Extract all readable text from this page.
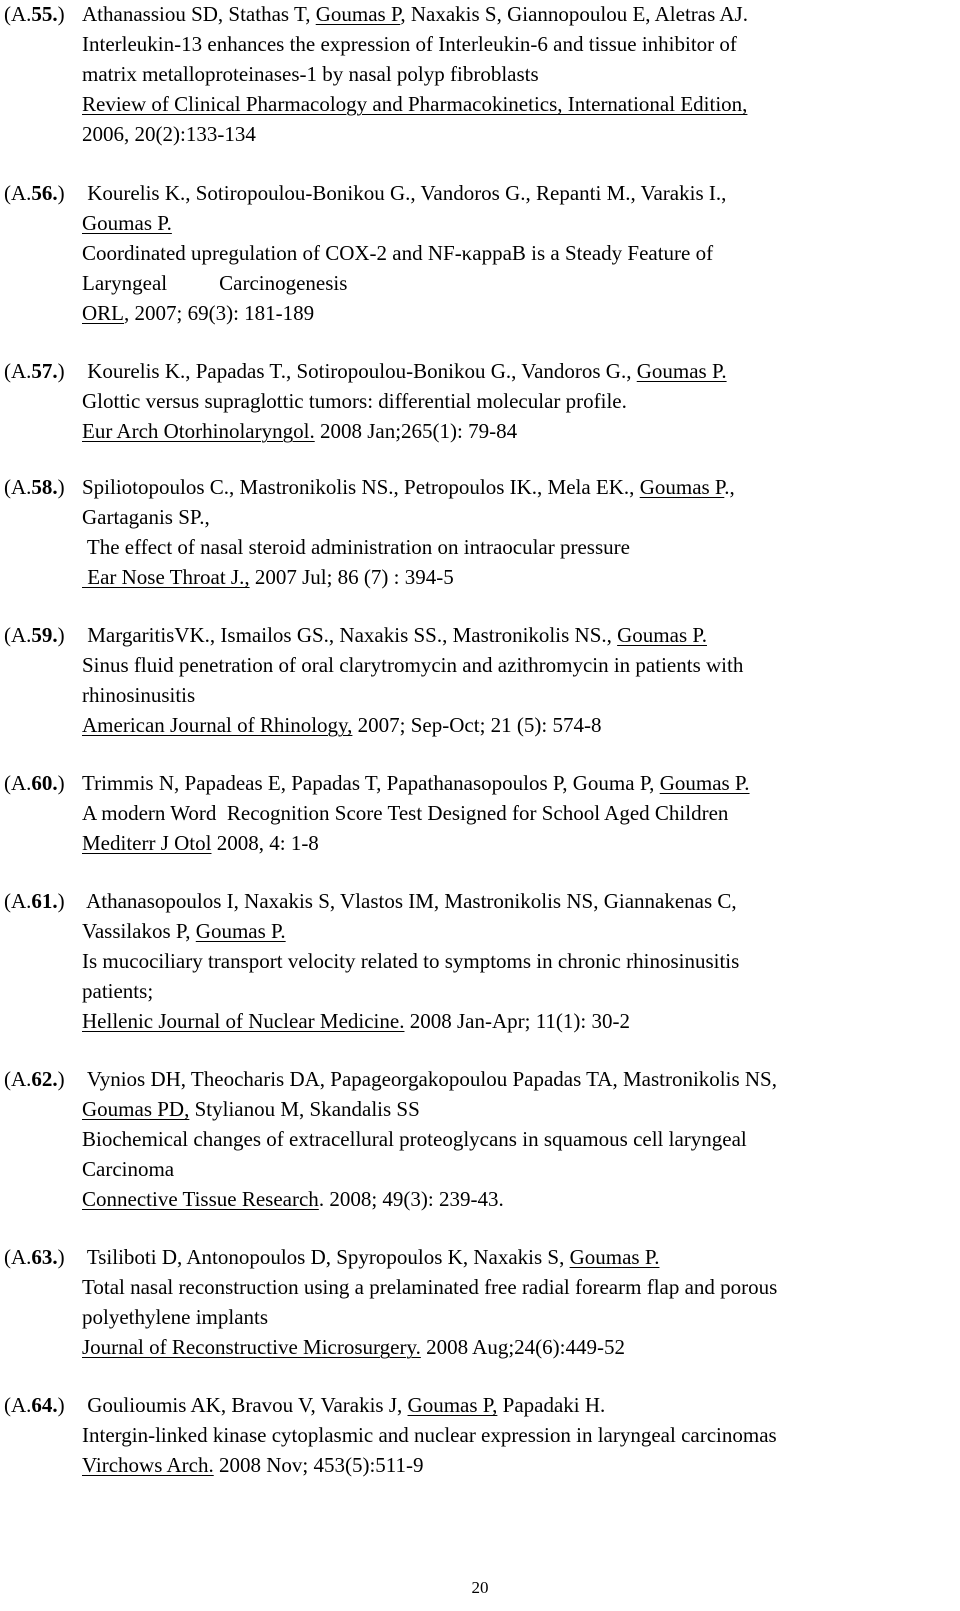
(A.55.) Athanassiou SD, Stathas T, Goumas P, Naxakis S, Giannopoulou E, Aletras AJ.
Interleukin-13 enhances the expression of Interleukin-6 and tissue inhibitor of
matrix metalloproteinases-1 by nasal polyp fibroblasts
Review of Clinical Pharmacology and Pharmacokinetics, International Edition,
2006, 20(2):133-134
(A.56.) Kourelis K., Sotiropoulou-Bonikou G., Vandoros G., Repanti M., Varakis I.,
Goumas P.
Coordinated upregulation of COX-2 and NF-κappaB is a Steady Feature of
Laryngeal Carcinogenesis
ORL, 2007; 69(3): 181-189
(A.57.) Kourelis K., Papadas T., Sotiropoulou-Bonikou G., Vandoros G., Goumas P.
Glottic versus supraglottic tumors: differential molecular profile.
Eur Arch Otorhinolaryngol. 2008 Jan;265(1): 79-84
(A.58.) Spiliotopoulos C., Mastronikolis NS., Petropoulos IK., Mela EK., Goumas P.,
Gartaganis SP.,
The effect of nasal steroid administration on intraocular pressure
Ear Nose Throat J., 2007 Jul; 86 (7) : 394-5
(A.59.) MargaritisVK., Ismailos GS., Naxakis SS., Mastronikolis NS., Goumas P.
Sinus fluid penetration of oral clarytromycin and azithromycin in patients with
rhinosinusitis
American Journal of Rhinology, 2007; Sep-Oct; 21 (5): 574-8
(A.60.) Trimmis N, Papadeas E, Papadas T, Papathanasopoulos P, Gouma P, Goumas P.
A modern Word  Recognition Score Test Designed for School Aged Children
Mediterr J Otol 2008, 4: 1-8
(A.61.) Athanasopoulos I, Naxakis S, Vlastos IM, Mastronikolis NS, Giannakenas C,
Vassilakos P, Goumas P.
Is mucociliary transport velocity related to symptoms in chronic rhinosinusitis
patients;
Hellenic Journal of Nuclear Medicine. 2008 Jan-Apr; 11(1): 30-2
(A.62.) Vynios DH, Theocharis DA, Papageorgakopoulou Papadas TA, Mastronikolis NS,
Goumas PD, Stylianou M, Skandalis SS
Biochemical changes of extracellural proteoglycans in squamous cell laryngeal
Carcinoma
Connective Tissue Research. 2008; 49(3): 239-43.
(A.63.) Tsiliboti D, Antonopoulos D, Spyropoulos K, Naxakis S, Goumas P.
Total nasal reconstruction using a prelaminated free radial forearm flap and porous
polyethylene implants
Journal of Reconstructive Microsurgery. 2008 Aug;24(6):449-52
(A.64.) Goulioumis AK, Bravou V, Varakis J, Goumas P, Papadaki H.
Intergin-linked kinase cytoplasmic and nuclear expression in laryngeal carcinomas
Virchows Arch. 2008 Nov; 453(5):511-9
20
